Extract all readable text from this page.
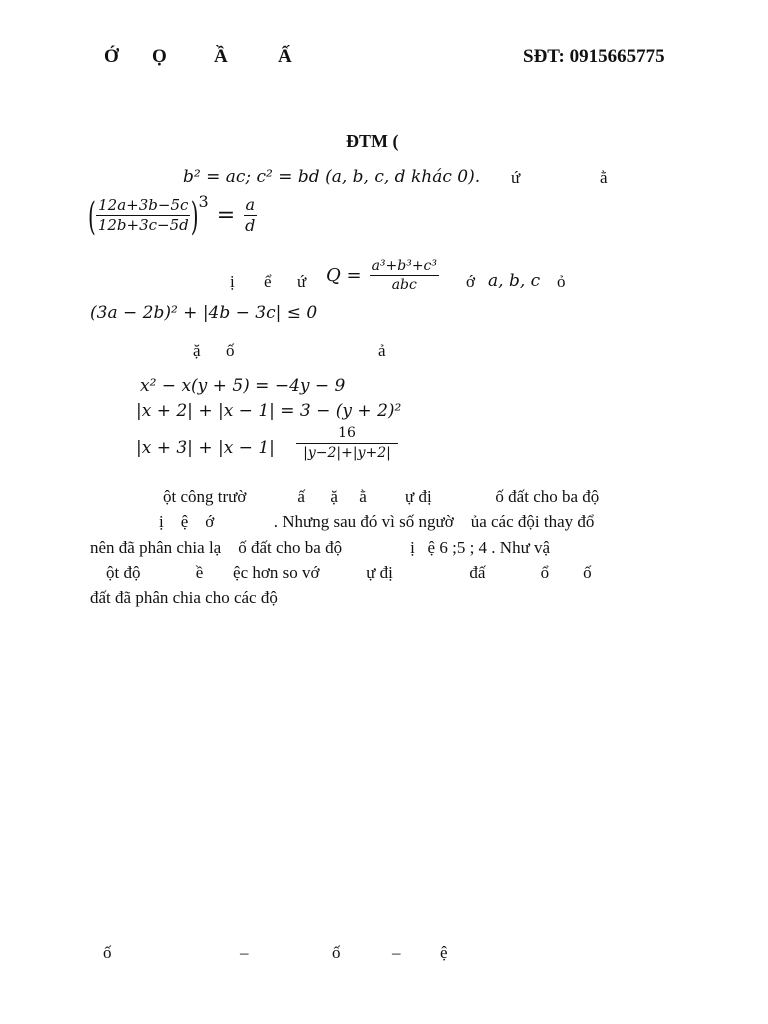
Ớ Ọ Ầ	Ấ	SĐT: 0915665775
ĐTM (
b² = ac; c² = bd (a, b, c, d khác 0). ứ	ằ
( $\frac{12a+3b-5c}{12b+3c-5d}$ ) 3
= $\frac{a}{d}$
ị ể ứ $Q = \frac{\text{a³+b³+c³}}{\text{abc}}$ ớ a, b, c ỏ
(3a − 2b)² + |4b − 3c| ≤ 0
ặ ố	ả
x² − x(y + 5) = −4y − 9
|x + 2| + |x − 1| = 3 − (y + 2)²
$|x + 3| + |x - 1| \frac{16}{|y-2|+|y+2|}$
ột công trườ            ấ      ặ     ằ         ự đị               ố đất cho ba độ
ị    ệ    ớ              . Nhưng sau đó vì số ngườ    ủa các đội thay đổ
nên đã phân chia lạ    ố đất cho ba độ                ị   ệ 6 ;5 ; 4 . Như vậ
ột độ             ề       ệc hơn so vớ           ự đị                  đấ             ổ        ố
đất đã phân chia cho các độ
ố	–	ố	– ệ
